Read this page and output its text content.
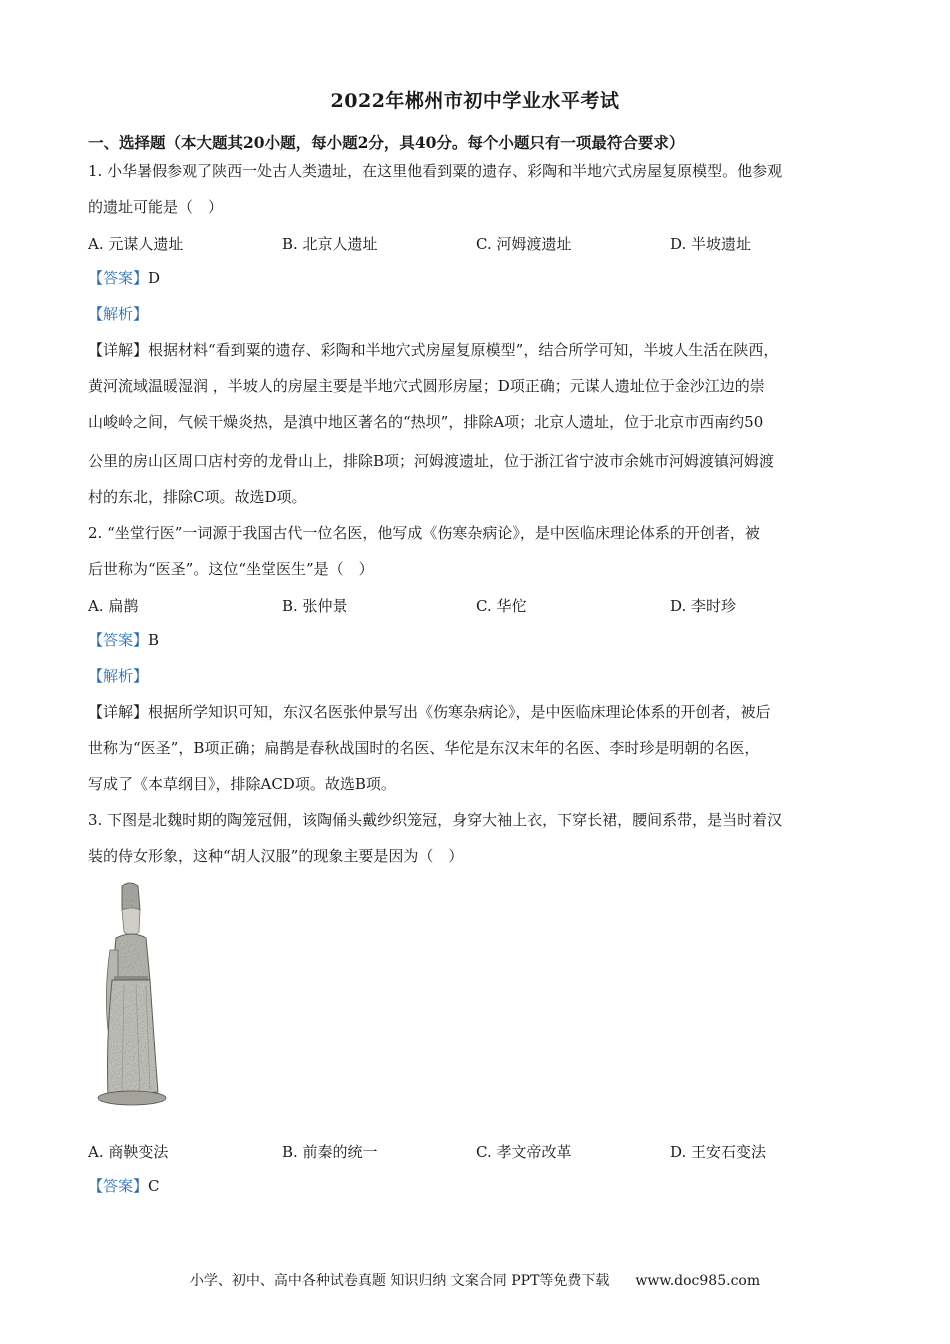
2022年郴州市初中学业水平考试
一、选择题（本大题其20小题，每小题2分，具40分。每个小题只有一项最符合要求）
1. 小华暑假参观了陕西一处古人类遗址，在这里他看到粟的遗存、彩陶和半地穴式房屋复原模型。他参观
的遗址可能是（　）
A. 元谋人遗址	B. 北京人遗址	C. 河姆渡遗址	D. 半坡遗址
【答案】D
【解析】
【详解】根据材料“看到粟的遗存、彩陶和半地穴式房屋复原模型”，结合所学可知，半坡人生活在陕西，
黄河流域温暖湿润 ，半坡人的房屋主要是半地穴式圆形房屋；D项正确；元谋人遗址位于金沙江边的崇
山峻岭之间，气候干燥炎热，是滇中地区著名的“热坝”，排除A项；北京人遗址，位于北京市西南约50
公里的房山区周口店村旁的龙骨山上，排除B项；河姆渡遗址，位于浙江省宁波市余姚市河姆渡镇河姆渡
村的东北，排除C项。故选D项。
2. “坐堂行医”一词源于我国古代一位名医，他写成《伤寒杂病论》，是中医临床理论体系的开创者，被
后世称为“医圣”。这位“坐堂医生”是（　）
A. 扁鹊	B. 张仲景	C. 华佗	D. 李时珍
【答案】B
【解析】
【详解】根据所学知识可知，东汉名医张仲景写出《伤寒杂病论》，是中医临床理论体系的开创者，被后
世称为“医圣”，B项正确；扁鹊是春秋战国时的名医、华佗是东汉末年的名医、李时珍是明朝的名医，
写成了《本草纲目》，排除ACD项。故选B项。
3. 下图是北魏时期的陶笼冠佣，该陶俑头戴纱织笼冠，身穿大袖上衣，下穿长裙，腰间系带，是当时着汉
装的侍女形象，这种“胡人汉服”的现象主要是因为（　）
A. 商鞅变法	B. 前秦的统一	C. 孝文帝改革	D. 王安石变法
【答案】C
小学、初中、高中各种试卷真题 知识归纳 文案合同 PPT等免费下载 www.doc985.com
